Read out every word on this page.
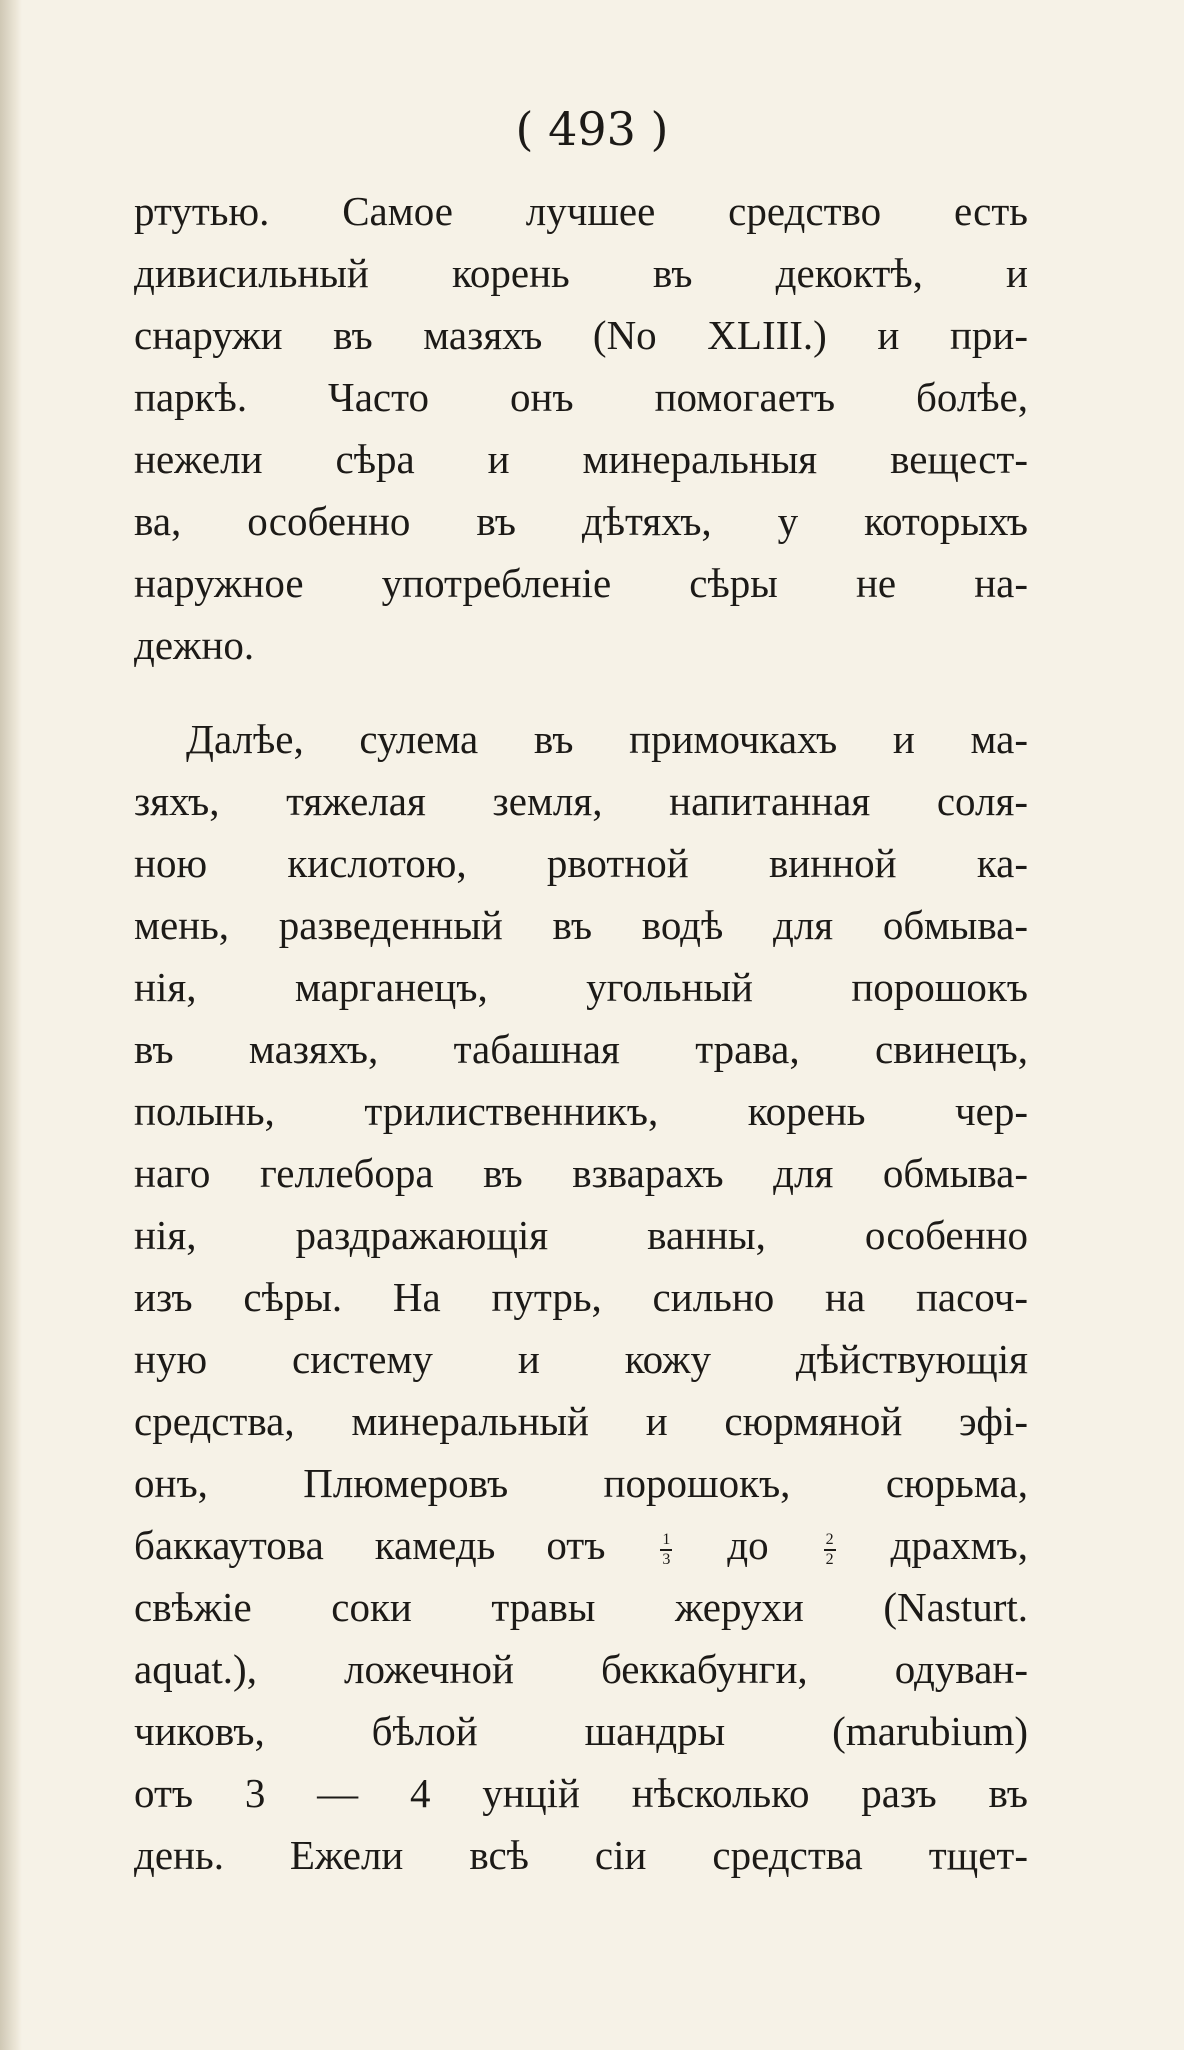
( 493 )
ртутью. Самое лучшее средство есть
дивисильный корень въ декоктѣ, и
снаружи въ мазяхъ (No XLIII.) и при-
паркѣ. Часто онъ помогаетъ болѣе,
нежели сѣра и минеральныя вещест-
ва, особенно въ дѣтяхъ, у которыхъ
наружное употребленіе сѣры не на-
дежно.
Далѣе, сулема въ примочкахъ и ма-
зяхъ, тяжелая земля, напитанная соля-
ною кислотою, рвотной винной ка-
мень, разведенный въ водѣ для обмыва-
нія, марганецъ, угольный порошокъ
въ мазяхъ, табашная трава, свинецъ,
полынь, трилиственникъ, корень чер-
наго геллебора въ взварахъ для обмыва-
нія, раздражающія ванны, особенно
изъ сѣры. На путрь, сильно на пасоч-
ную систему и кожу дѣйствующія
средства, минеральный и сюрмяной эфі-
онъ, Плюмеровъ порошокъ, сюрьма,
баккаутова камедь отъ	$\frac{1}{3}$ до	$\frac{2}{2}$ драхмъ,
свѣжіе соки травы жерухи (Nasturt.
aquat.), ложечной беккабунги, одуван-
чиковъ, бѣлой шандры (marubium)
отъ 3 — 4 унцій нѣсколько разъ въ
день. Ежели всѣ сіи средства тщет-
